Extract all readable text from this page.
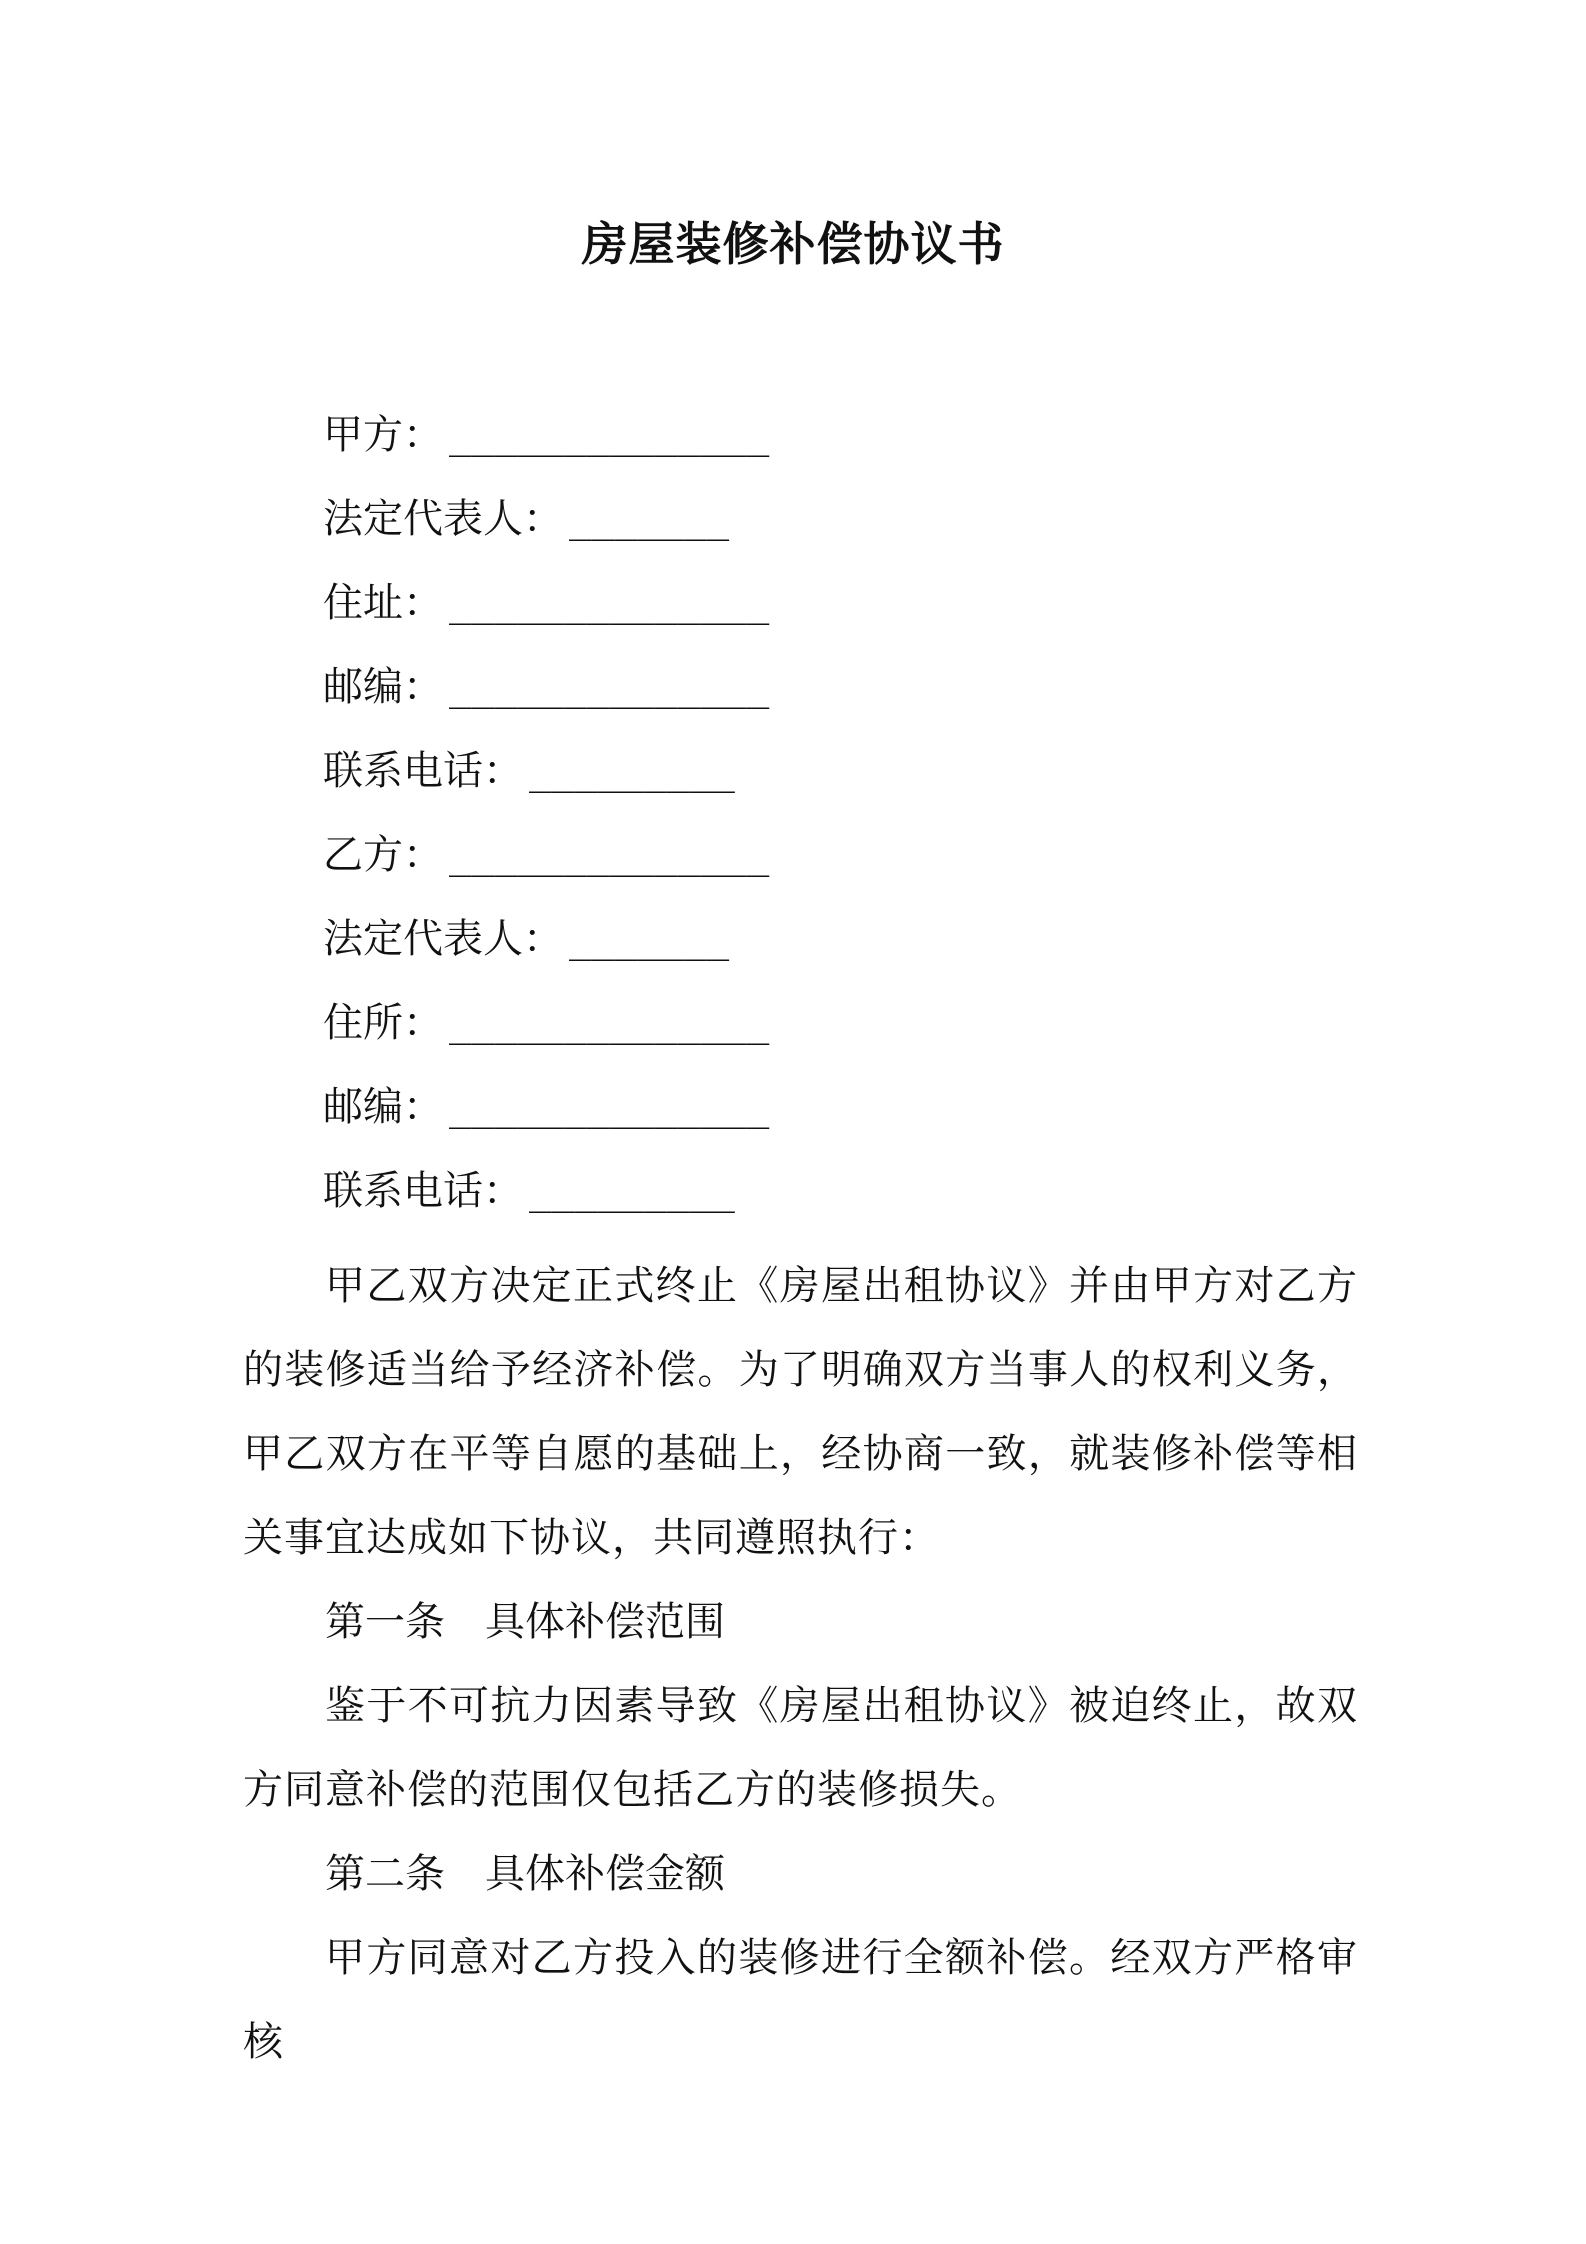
房屋装修补偿协议书
甲方： ______________
法定代表人： _______
住址： ______________
邮编： ______________
联系电话： _________
乙方： ______________
法定代表人： _______
住所： ______________
邮编： ______________
联系电话： _________

甲乙双方决定正式终止《房屋出租协议》并由甲方对乙方的装修适当给予经济补偿。为了明确双方当事人的权利义务，甲乙双方在平等自愿的基础上，经协商一致，就装修补偿等相关事宜达成如下协议，共同遵照执行：

第一条　具体补偿范围

鉴于不可抗力因素导致《房屋出租协议》被迫终止，故双方同意补偿的范围仅包括乙方的装修损失。

第二条　具体补偿金额

甲方同意对乙方投入的装修进行全额补偿。经双方严格审核
